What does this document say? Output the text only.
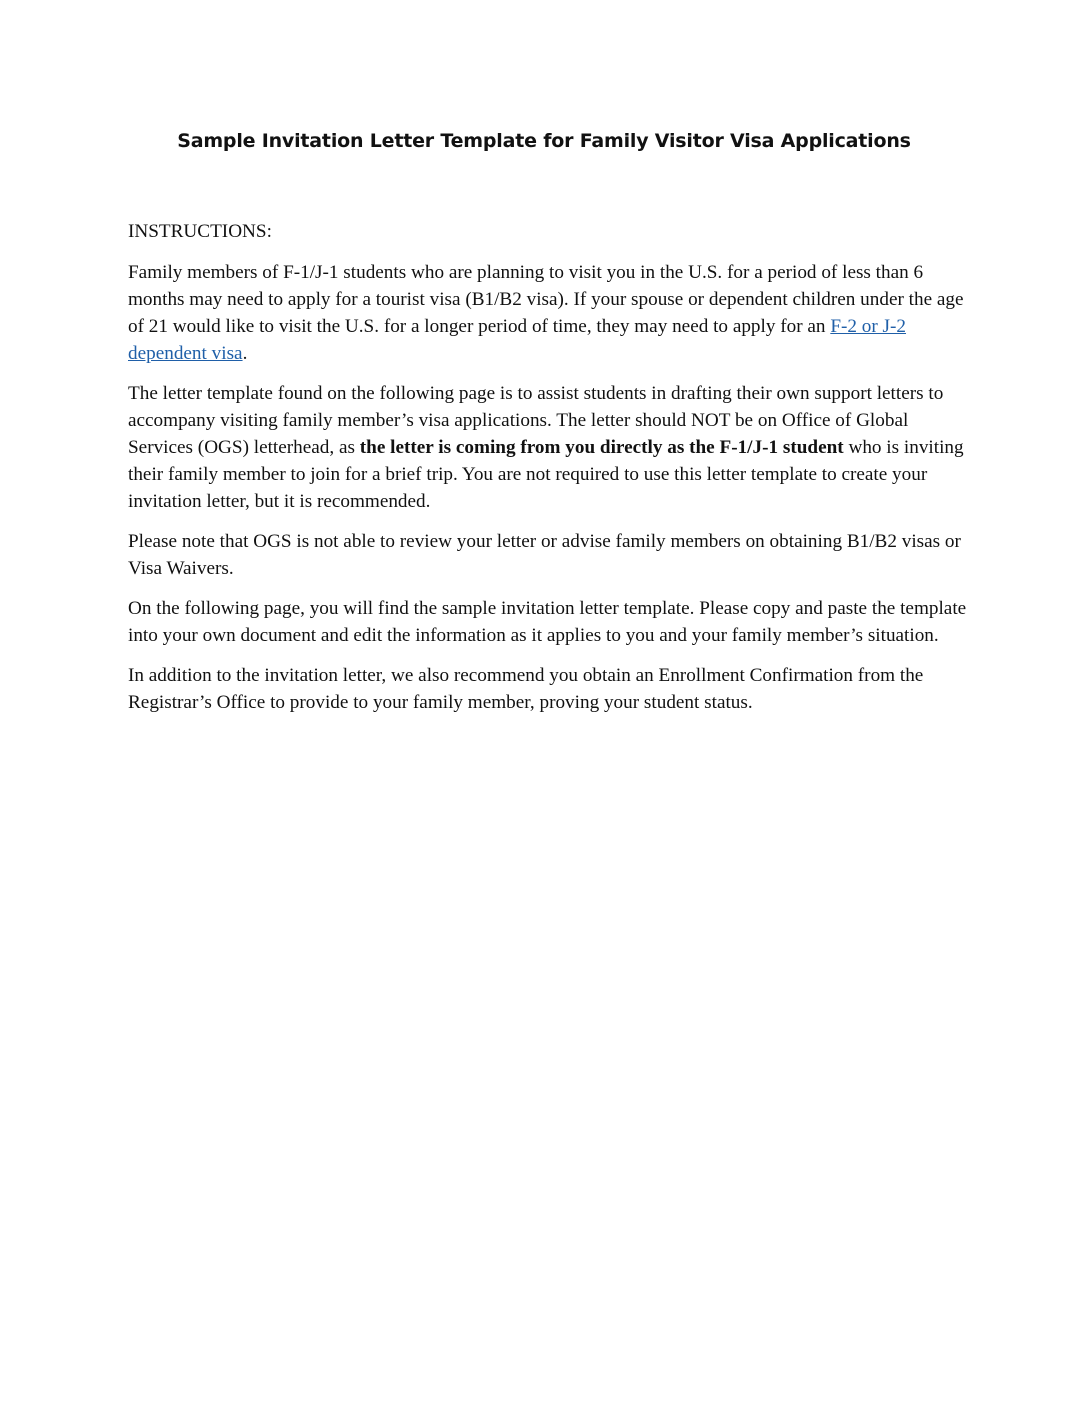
Sample Invitation Letter Template for Family Visitor Visa Applications

INSTRUCTIONS:

Family members of F-1/J-1 students who are planning to visit you in the U.S. for a period of less than 6 months may need to apply for a tourist visa (B1/B2 visa). If your spouse or dependent children under the age of 21 would like to visit the U.S. for a longer period of time, they may need to apply for an F-2 or J-2 dependent visa.

The letter template found on the following page is to assist students in drafting their own support letters to accompany visiting family member’s visa applications. The letter should NOT be on Office of Global Services (OGS) letterhead, as the letter is coming from you directly as the F-1/J-1 student who is inviting their family member to join for a brief trip. You are not required to use this letter template to create your invitation letter, but it is recommended.

Please note that OGS is not able to review your letter or advise family members on obtaining B1/B2 visas or Visa Waivers.

On the following page, you will find the sample invitation letter template. Please copy and paste the template into your own document and edit the information as it applies to you and your family member’s situation.

In addition to the invitation letter, we also recommend you obtain an Enrollment Confirmation from the Registrar’s Office to provide to your family member, proving your student status.
